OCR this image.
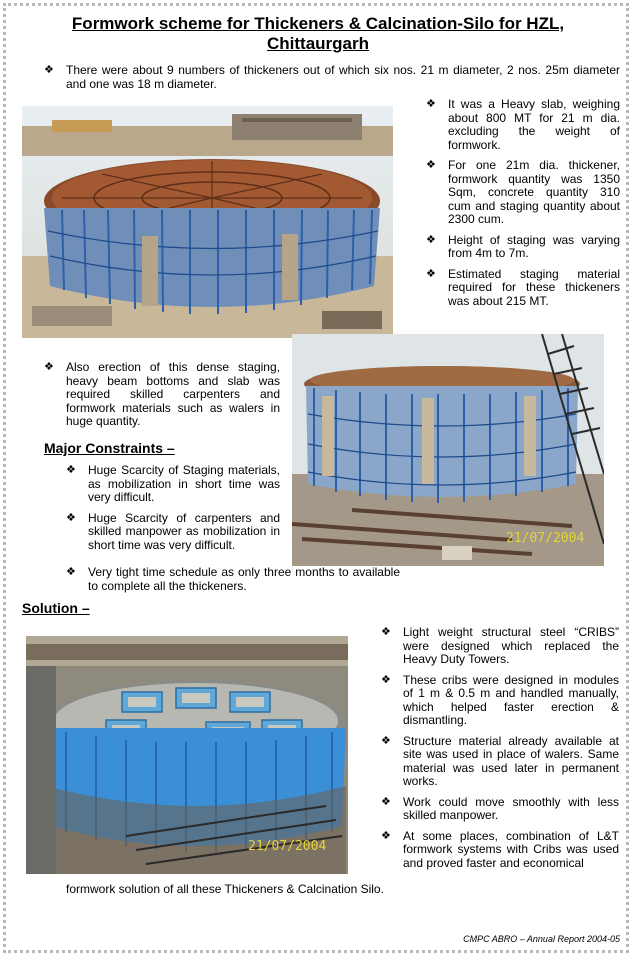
Formwork scheme for Thickeners & Calcination-Silo for HZL,
Chittaurgarh
❖ There were about 9 numbers of thickeners out of which six nos. 21 m diameter, 2 nos. 25m diameter and one was 18 m diameter.
❖ It was a Heavy slab, weighing about 800 MT for 21 m dia. excluding the weight of formwork.
❖ For one 21m dia. thickener, formwork quantity was 1350 Sqm, concrete quantity 310 cum and staging quantity about 2300 cum.
❖ Height of staging was varying from 4m to 7m.
❖ Estimated staging material required for these thickeners was about 215 MT.
21/07/2004
❖ Also erection of this dense staging, heavy beam bottoms and slab was required skilled carpenters and formwork materials such as walers in huge quantity.
Major Constraints –
❖ Huge Scarcity of Staging materials, as mobilization in short time was very difficult.
❖ Huge Scarcity of carpenters and skilled manpower as mobilization in short time was very difficult.
❖ Very tight time schedule as only three months to available to complete all the thickeners.
Solution –
21/07/2004
❖ Light weight structural steel “CRIBS” were designed which replaced the Heavy Duty Towers.
❖ These cribs were designed in modules of 1 m & 0.5 m and handled manually, which helped faster erection & dismantling.
❖ Structure material already available at site was used in place of walers. Same material was used later in permanent works.
❖ Work could move smoothly with less skilled manpower.
❖ At some places, combination of L&T formwork systems with Cribs was used and proved faster and economical
formwork solution of all these Thickeners & Calcination Silo.
CMPC ABRO – Annual Report 2004-05
